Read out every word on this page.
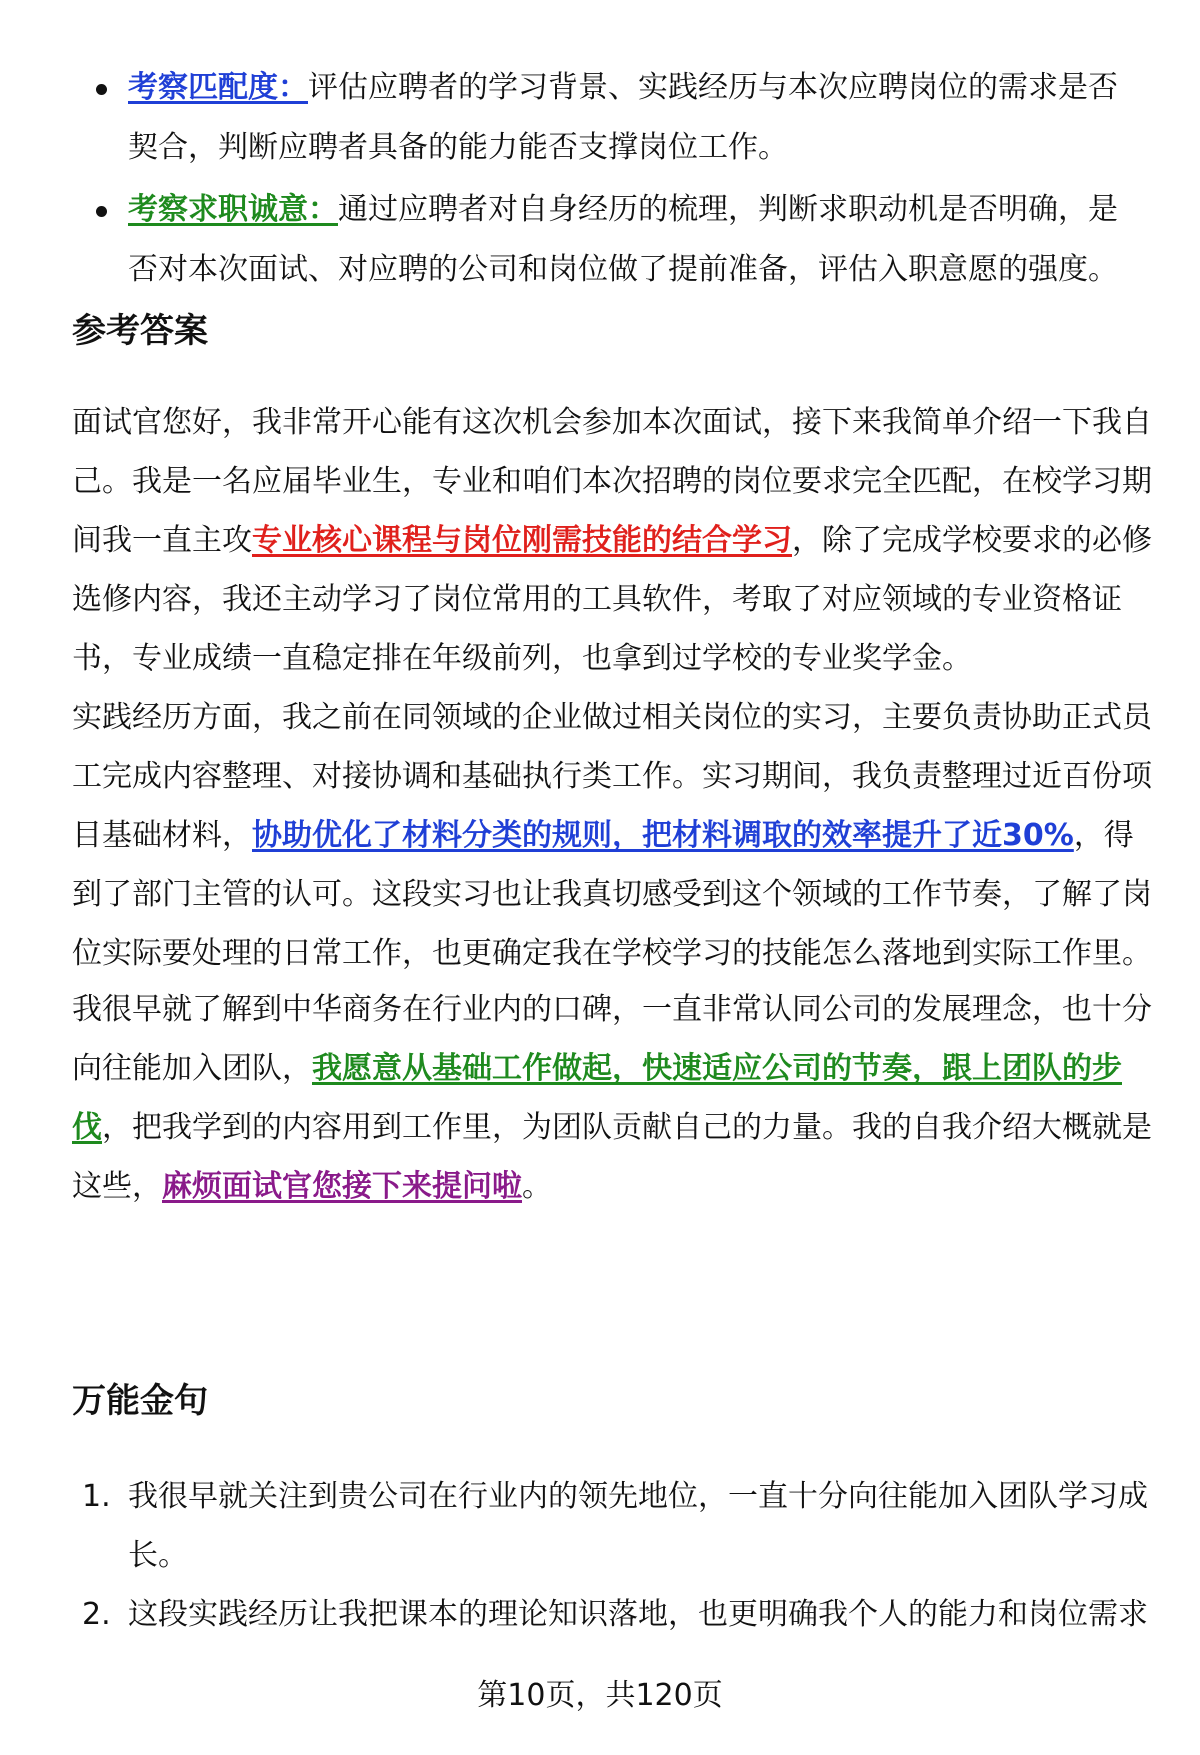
考察匹配度：评估应聘者的学习背景、实践经历与本次应聘岗位的需求是否契合，判断应聘者具备的能力能否支撑岗位工作。
考察求职诚意：通过应聘者对自身经历的梳理，判断求职动机是否明确，是否对本次面试、对应聘的公司和岗位做了提前准备，评估入职意愿的强度。
参考答案

面试官您好，我非常开心能有这次机会参加本次面试，接下来我简单介绍一下我自己。我是一名应届毕业生，专业和咱们本次招聘的岗位要求完全匹配，在校学习期间我一直主攻专业核心课程与岗位刚需技能的结合学习，除了完成学校要求的必修选修内容，我还主动学习了岗位常用的工具软件，考取了对应领域的专业资格证书，专业成绩一直稳定排在年级前列，也拿到过学校的专业奖学金。

实践经历方面，我之前在同领域的企业做过相关岗位的实习，主要负责协助正式员工完成内容整理、对接协调和基础执行类工作。实习期间，我负责整理过近百份项目基础材料，协助优化了材料分类的规则，把材料调取的效率提升了近30%，得到了部门主管的认可。这段实习也让我真切感受到这个领域的工作节奏，了解了岗位实际要处理的日常工作，也更确定我在学校学习的技能怎么落地到实际工作里。

我很早就了解到中华商务在行业内的口碑，一直非常认同公司的发展理念，也十分向往能加入团队，我愿意从基础工作做起，快速适应公司的节奏，跟上团队的步伐，把我学到的内容用到工作里，为团队贡献自己的力量。我的自我介绍大概就是这些，麻烦面试官您接下来提问啦。

万能金句
1. 我很早就关注到贵公司在行业内的领先地位，一直十分向往能加入团队学习成长。
2. 这段实践经历让我把课本的理论知识落地，也更明确我个人的能力和岗位需求
第10页，共120页
